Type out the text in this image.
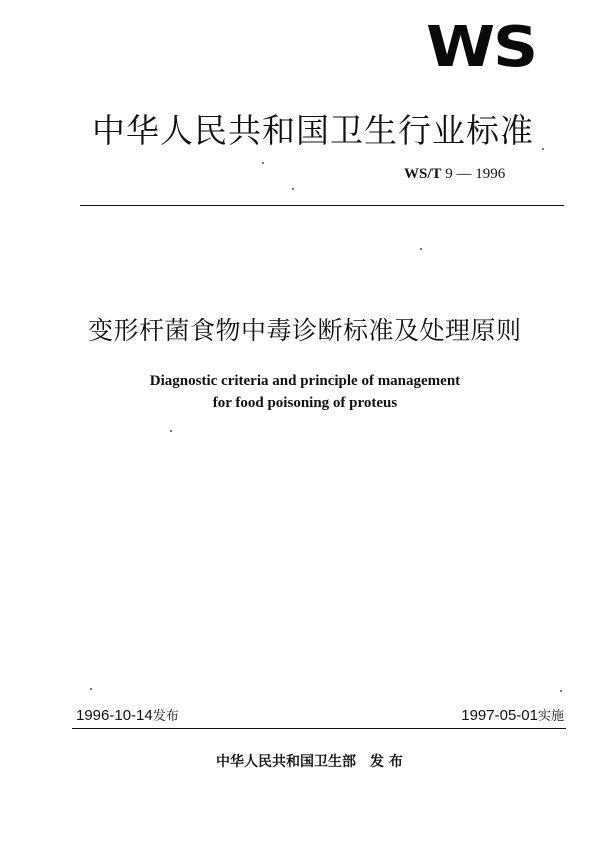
WS
中华人民共和国卫生行业标准
WS/T 9 — 1996
变形杆菌食物中毒诊断标准及处理原则
Diagnostic criteria and principle of management
for food poisoning of proteus
1996-10-14发布	1997-05-01实施
中华人民共和国卫生部 发 布
